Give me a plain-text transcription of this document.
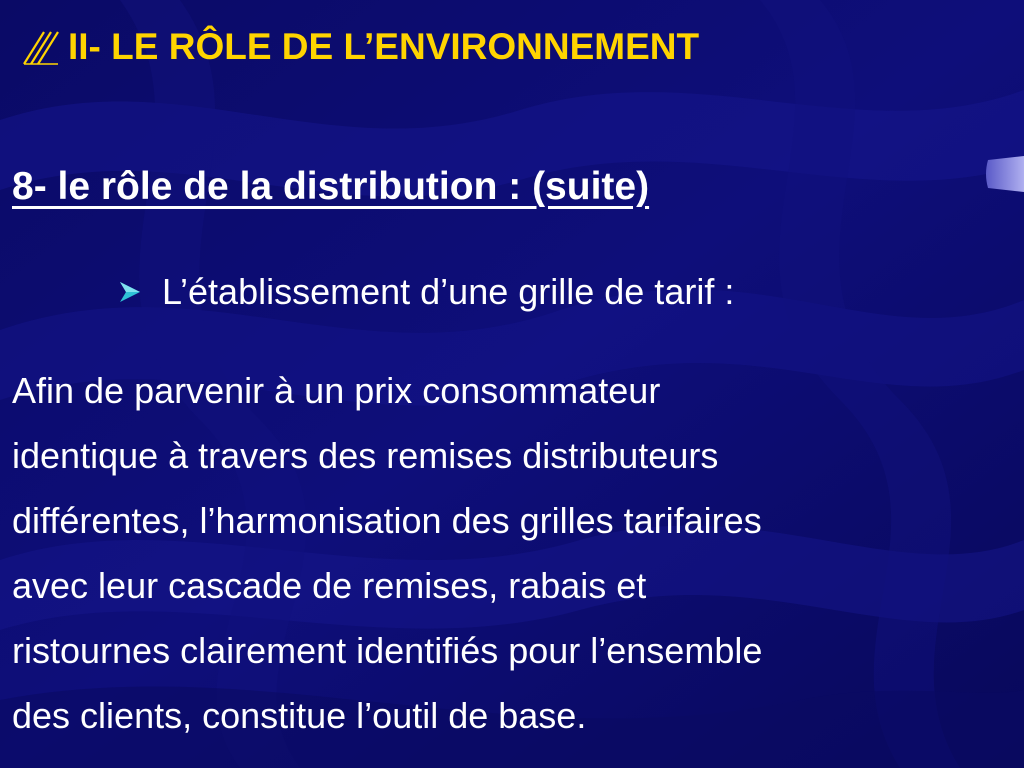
II- LE RÔLE DE L’ENVIRONNEMENT
8- le rôle de la distribution : (suite)
L’établissement d’une grille de tarif :
Afin de parvenir à un prix consommateur
identique à travers des remises distributeurs
différentes, l’harmonisation des grilles tarifaires
avec leur cascade de remises, rabais et
ristournes clairement identifiés pour l’ensemble
des clients, constitue l’outil de base.
